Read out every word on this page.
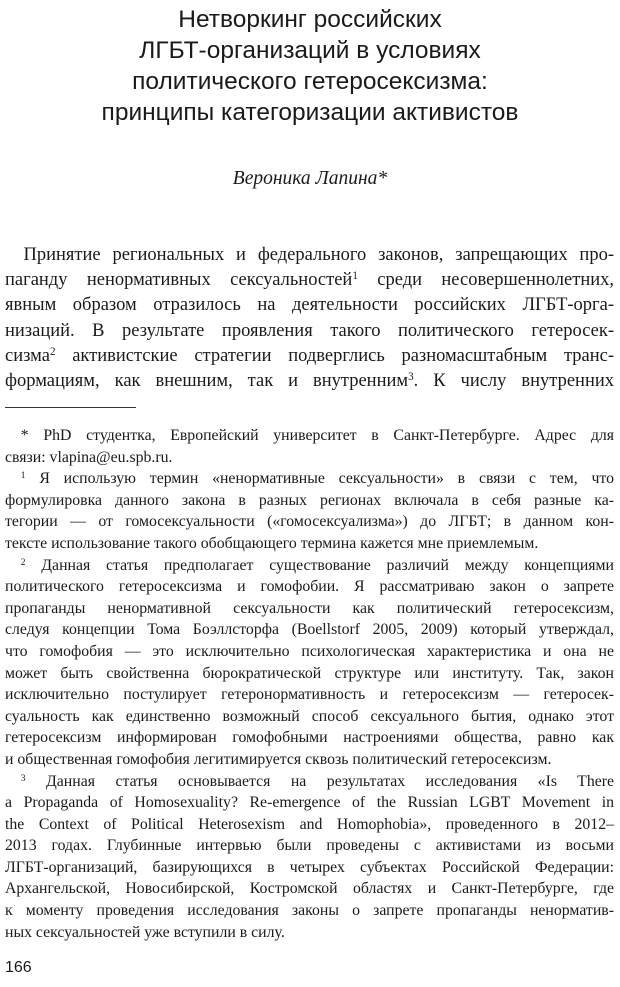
Нетворкинг российских
ЛГБТ-организаций в условиях
политического гетеросексизма:
принципы категоризации активистов
Вероника Лапина*
 Принятие региональных и федерального законов, запрещающих про-
паганду ненормативных сексуальностей$^1$ среди несовершеннолетних,
явным образом отразилось на деятельности российских ЛГБТ-орга-
низаций. В результате проявления такого политического гетеросек-
сизма$^2$ активистские стратегии подверглись разномасштабным транс-
формациям, как внешним, так и внутренним$^3$. К числу внутренних
 * PhD студентка, Европейский университет в Санкт-Петербурге. Адрес для
связи: vlapina@eu.spb.ru.
 $^1$ Я использую термин «ненормативные сексуальности» в связи с тем, что
формулировка данного закона в разных регионах включала в себя разные ка-
тегории — от гомосексуальности («гомосексуализма») до ЛГБТ; в данном кон-
тексте использование такого обобщающего термина кажется мне приемлемым.
 $^2$ Данная статья предполагает существование различий между концепциями
политического гетеросексизма и гомофобии. Я рассматриваю закон о запрете
пропаганды ненормативной сексуальности как политический гетеросексизм,
следуя концепции Тома Боэллсторфа (Boellstorf 2005, 2009) который утверждал,
что гомофобия — это исключительно психологическая характеристика и она не
может быть свойственна бюрократической структуре или институту. Так, закон
исключительно постулирует гетеронормативность и гетеросексизм — гетеросек-
суальность как единственно возможный способ сексуального бытия, однако этот
гетеросексизм информирован гомофобными настроениями общества, равно как
и общественная гомофобия легитимируется сквозь политический гетеросексизм.
 $^3$ Данная статья основывается на результатах исследования «Is There
a Propaganda of Homosexuality? Re-emergence of the Russian LGBT Movement in
the Context of Political Heterosexism and Homophobia», проведенного в 2012–
2013 годах. Глубинные интервью были проведены с активистами из восьми
ЛГБТ-организаций, базирующихся в четырех субъектах Российской Федерации:
Архангельской, Новосибирской, Костромской областях и Санкт-Петербурге, где
к моменту проведения исследования законы о запрете пропаганды ненорматив-
ных сексуальностей уже вступили в силу.
166
